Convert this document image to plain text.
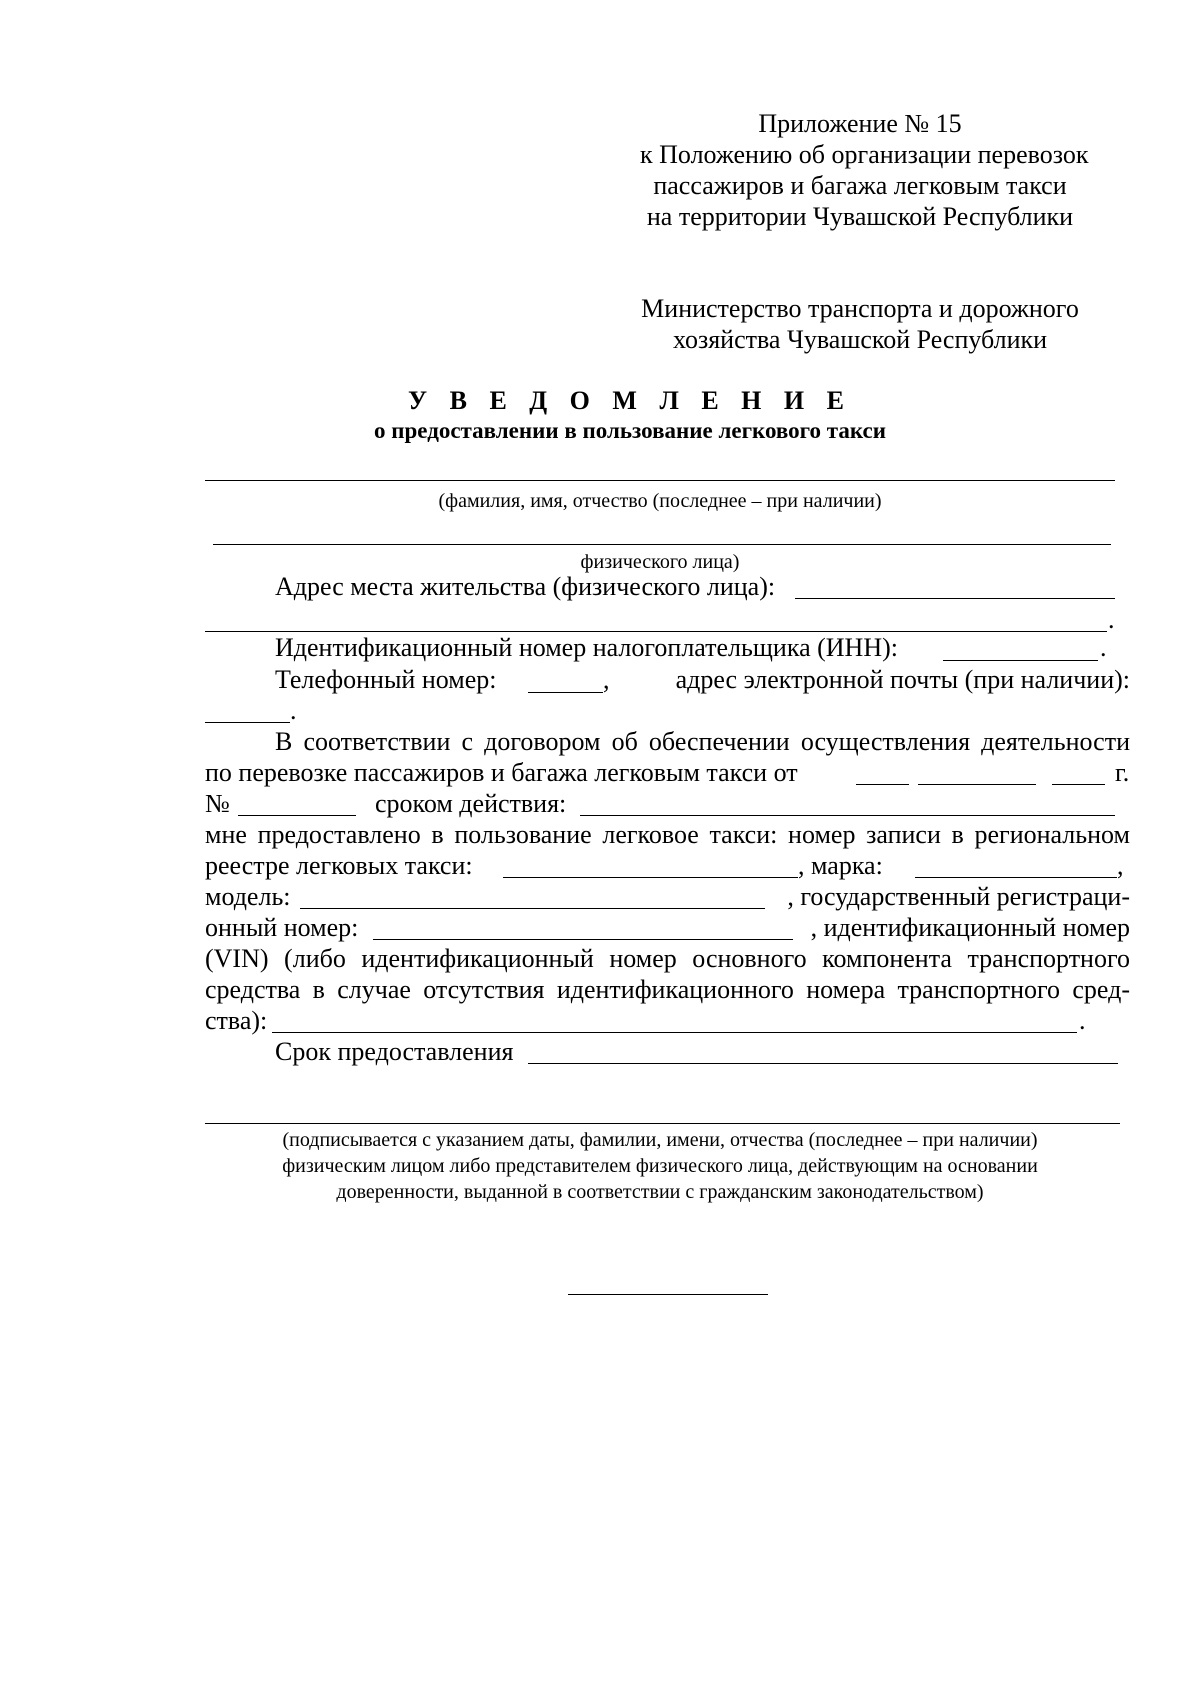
Приложение № 15
к Положению об организации перевозок
пассажиров и багажа легковым такси
на территории Чувашской Республики
Министерство транспорта и дорожного
хозяйства Чувашской Республики
У В Е Д О М Л Е Н И Е
о предоставлении в пользование легкового такси
(фамилия, имя, отчество (последнее – при наличии)
физического лица)
Адрес места жительства (физического лица):
.
Идентификационный номер налогоплательщика (ИНН):	.
Телефонный номер:	,	адрес электронной почты (при наличии):
.
В соответствии с договором об обеспечении осуществления деятельности
по перевозке пассажиров и багажа легковым такси от	г.
№	сроком действия:
мне предоставлено в пользование легковое такси: номер записи в региональном
реестре легковых такси:	, марка:	,
модель:	, государственный регистраци-
онный номер:	, идентификационный номер
(VIN) (либо идентификационный номер основного компонента транспортного
средства в случае отсутствия идентификационного номера транспортного сред-
ства):	.
Срок предоставления
(подписывается с указанием даты, фамилии, имени, отчества (последнее – при наличии)
физическим лицом либо представителем физического лица, действующим на основании
доверенности, выданной в соответствии с гражданским законодательством)
